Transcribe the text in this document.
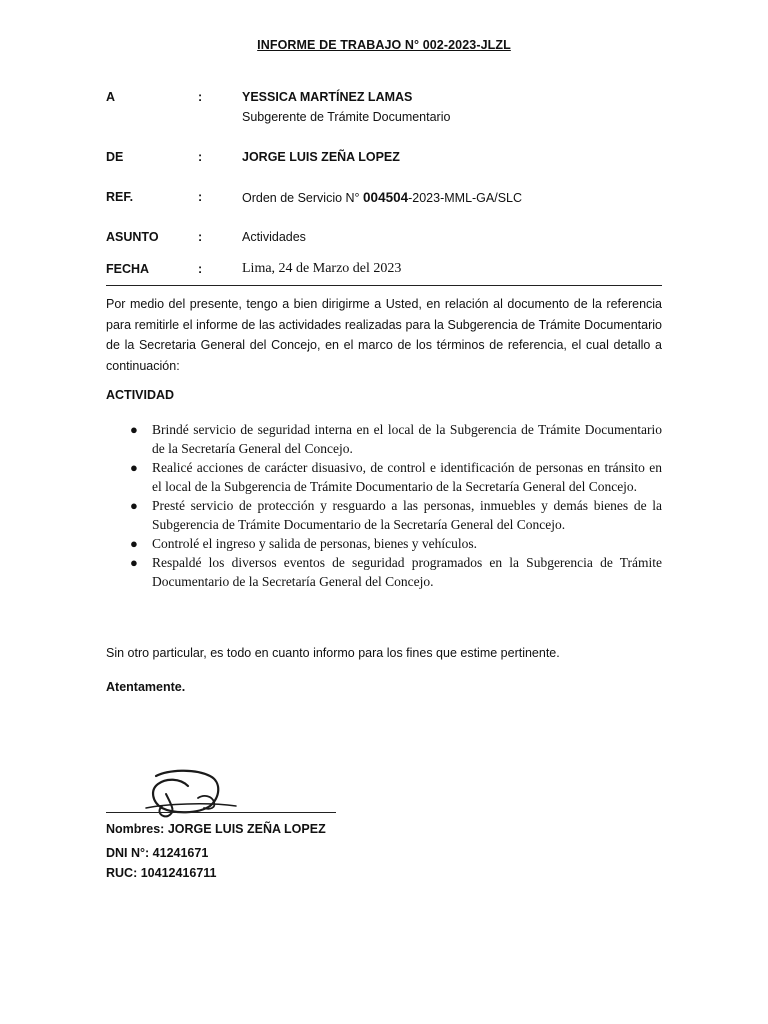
INFORME DE TRABAJO N° 002-2023-JLZL
A	:	YESSICA MARTÍNEZ LAMAS
Subgerente de Trámite Documentario
DE	:	JORGE LUIS ZEÑA LOPEZ
REF.	:	Orden de Servicio N° 004504-2023-MML-GA/SLC
ASUNTO	:	Actividades
FECHA	:	Lima, 24 de Marzo del 2023

Por medio del presente, tengo a bien dirigirme a Usted, en relación al documento de la referencia para remitirle el informe de las actividades realizadas para la Subgerencia de Trámite Documentario de la Secretaria General del Concejo, en el marco de los términos de referencia, el cual detallo a continuación:

ACTIVIDAD
● Brindé servicio de seguridad interna en el local de la Subgerencia de Trámite Documentario de la Secretaría General del Concejo.
● Realicé acciones de carácter disuasivo, de control e identificación de personas en tránsito en el local de la Subgerencia de Trámite Documentario de la Secretaría General del Concejo.
● Presté servicio de protección y resguardo a las personas, inmuebles y demás bienes de la Subgerencia de Trámite Documentario de la Secretaría General del Concejo.
● Controlé el ingreso y salida de personas, bienes y vehículos.
● Respaldé los diversos eventos de seguridad programados en la Subgerencia de Trámite Documentario de la Secretaría General del Concejo.
Sin otro particular, es todo en cuanto informo para los fines que estime pertinente.
Atentamente.
Nombres: JORGE LUIS ZEÑA LOPEZ
DNI N°: 41241671
RUC: 10412416711
